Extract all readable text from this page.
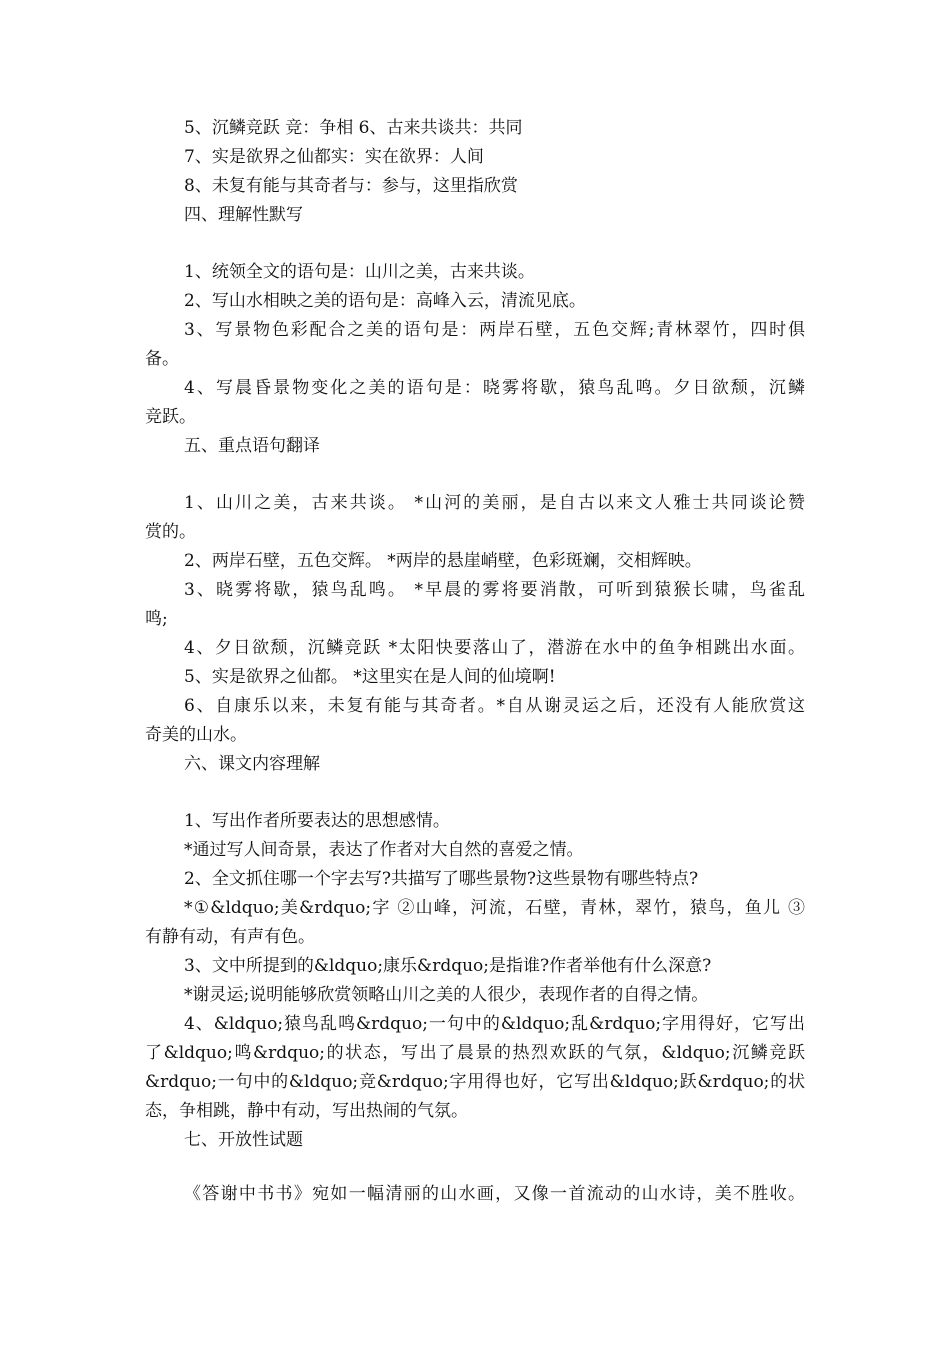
5、沉鳞竞跃 竞：争相 6、古来共谈共：共同

7、实是欲界之仙都实：实在欲界：人间

8、未复有能与其奇者与：参与，这里指欣赏

四、理解性默写

1、统领全文的语句是：山川之美，古来共谈。

2、写山水相映之美的语句是：高峰入云，清流见底。

3、写景物色彩配合之美的语句是：两岸石壁，五色交辉;青林翠竹，四时俱

备。

4、写晨昏景物变化之美的语句是：晓雾将歇，猿鸟乱鸣。夕日欲颓，沉鳞

竞跃。

五、重点语句翻译

1、山川之美，古来共谈。 *山河的美丽，是自古以来文人雅士共同谈论赞

赏的。

2、两岸石壁，五色交辉。 *两岸的悬崖峭壁，色彩斑斓，交相辉映。

3、晓雾将歇，猿鸟乱鸣。 *早晨的雾将要消散，可听到猿猴长啸，鸟雀乱

鸣;

4、夕日欲颓，沉鳞竞跃 *太阳快要落山了，潜游在水中的鱼争相跳出水面。

5、实是欲界之仙都。 *这里实在是人间的仙境啊!

6、自康乐以来，未复有能与其奇者。*自从谢灵运之后，还没有人能欣赏这

奇美的山水。

六、课文内容理解

1、写出作者所要表达的思想感情。

*通过写人间奇景，表达了作者对大自然的喜爱之情。

2、全文抓住哪一个字去写?共描写了哪些景物?这些景物有哪些特点?

*①&ldquo;美&rdquo;字 ②山峰，河流，石壁，青林，翠竹，猿鸟，鱼儿 ③

有静有动，有声有色。

3、文中所提到的&ldquo;康乐&rdquo;是指谁?作者举他有什么深意?

*谢灵运;说明能够欣赏领略山川之美的人很少，表现作者的自得之情。

4、&ldquo;猿鸟乱鸣&rdquo;一句中的&ldquo;乱&rdquo;字用得好，它写出

了&ldquo;鸣&rdquo;的状态，写出了晨景的热烈欢跃的气氛，&ldquo;沉鳞竞跃

&rdquo;一句中的&ldquo;竞&rdquo;字用得也好，它写出&ldquo;跃&rdquo;的状

态，争相跳，静中有动，写出热闹的气氛。

七、开放性试题

《答谢中书书》宛如一幅清丽的山水画，又像一首流动的山水诗，美不胜收。
